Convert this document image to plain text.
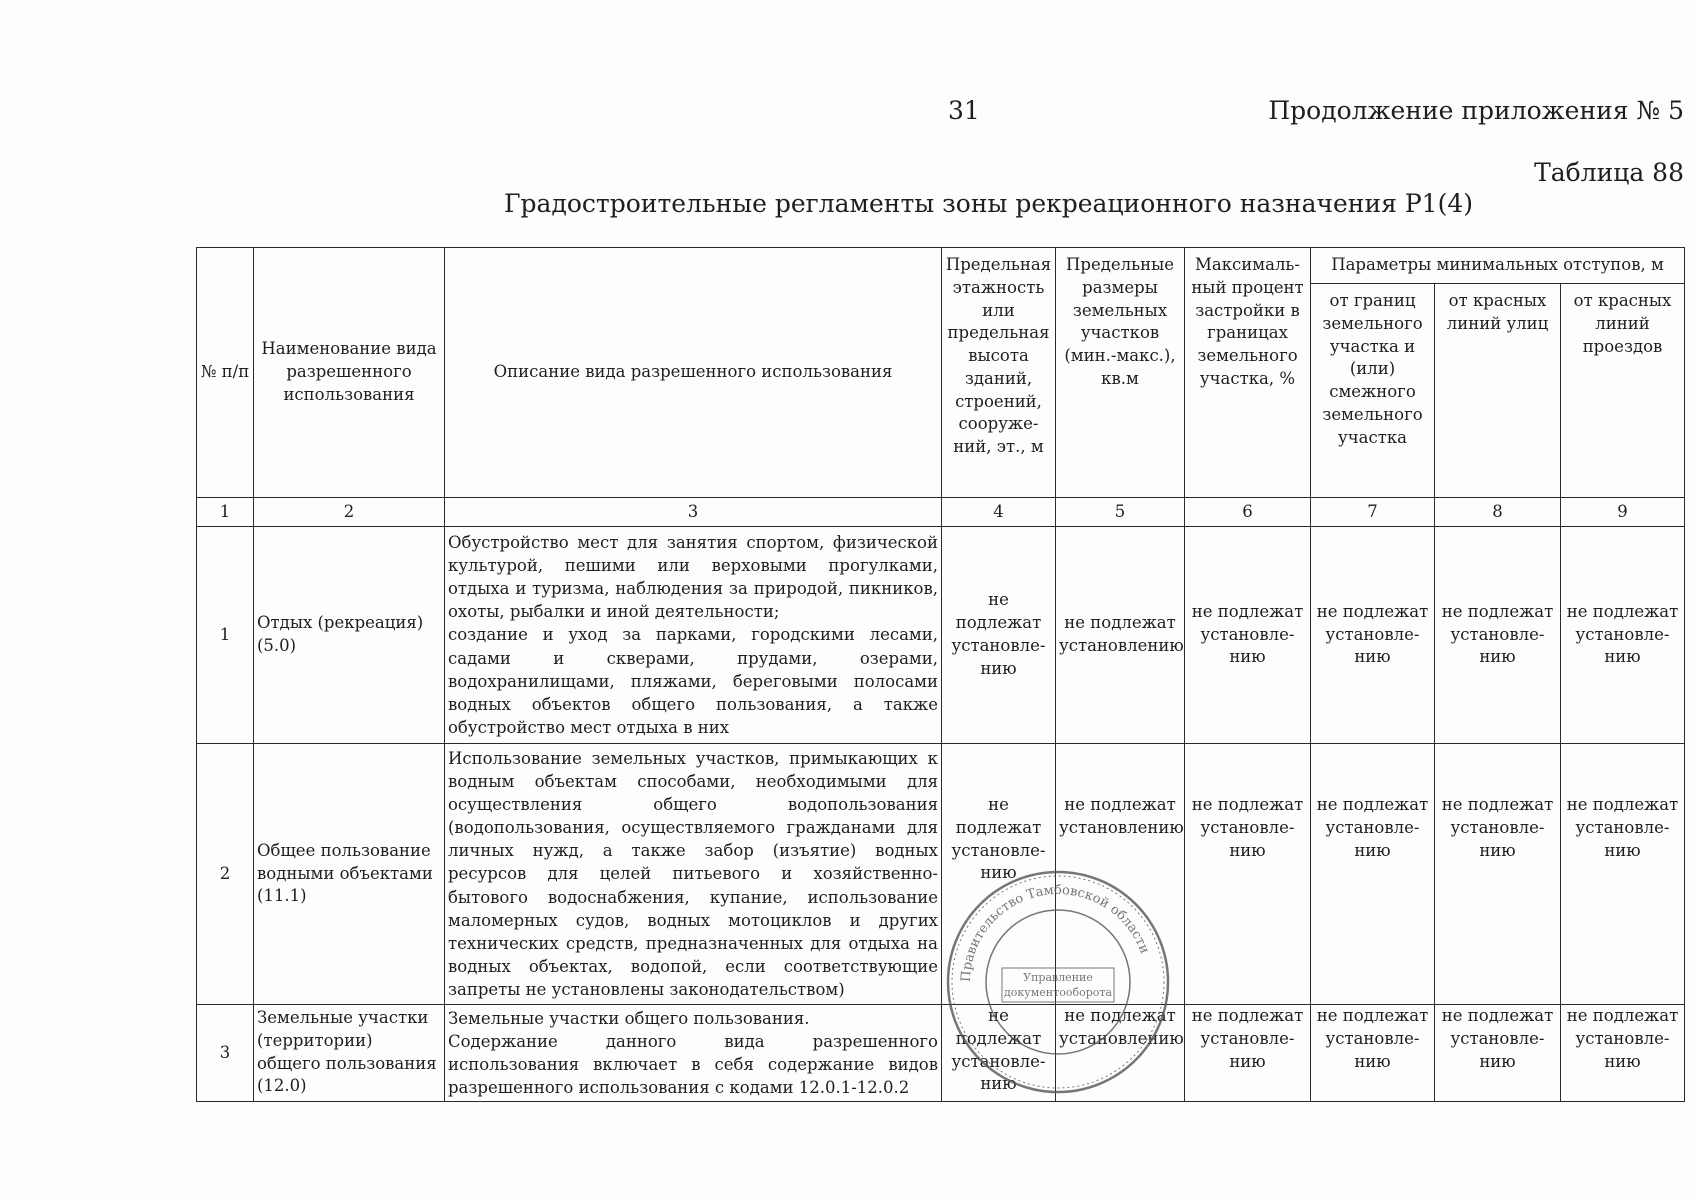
31	Продолжение приложения № 5
Таблица 88
Градостроительные регламенты зоны рекреационного назначения Р1(4)
№ п/п	Наименование вида разрешенного использования	Описание вида разрешенного использования	Предельная этажность или предельная высота зданий, строений, сооруже-ний, эт., м	Предельные размеры земельных участков (мин.-макс.), кв.м	Максималь-ный процент застройки в границах земельного участка, %	Параметры минимальных отступов, м		
						от границ земельного участка и (или) смежного земельного участка	от красных линий улиц	от красных линий проездов
1	2	3	4	5	6	7	8	9
1	Отдых (рекреация) (5.0)	Обустройство мест для занятия спортом, физической культурой, пешими или верховыми прогулками, отдыха и туризма, наблюдения за природой, пикников, охоты, рыбалки и иной деятельности;
создание и уход за парками, городскими лесами, садами и скверами, прудами, озерами, водохранилищами, пляжами, береговыми полосами водных объектов общего пользования, а также обустройство мест отдыха в них	не подлежат установле-нию	не подлежат установлению	не подлежат установле-нию	не подлежат установле-нию	не подлежат установле-нию	не подлежат установле-нию
2	Общее пользование водными объектами (11.1)	Использование земельных участков, примыкающих к водным объектам способами, необходимыми для осуществления общего водопользования (водопользования, осуществляемого гражданами для личных нужд, а также забор (изъятие) водных ресурсов для целей питьевого и хозяйственно-бытового водоснабжения, купание, использование маломерных судов, водных мотоциклов и других технических средств, предназначенных для отдыха на водных объектах, водопой, если соответствующие запреты не установлены законодательством)	не подлежат установле-нию	не подлежат установлению	не подлежат установле-нию	не подлежат установле-нию	не подлежат установле-нию	не подлежат установле-нию
3	Земельные участки (территории) общего пользования (12.0)	Земельные участки общего пользования.
Содержание данного вида разрешенного использования включает в себя содержание видов разрешенного использования с кодами 12.0.1-12.0.2	не подлежат установле-нию	не подлежат установлению	не подлежат установле-нию	не подлежат установле-нию	не подлежат установле-нию	не подлежат установле-нию
Правительство Тамбовской области
Управление документооборота
